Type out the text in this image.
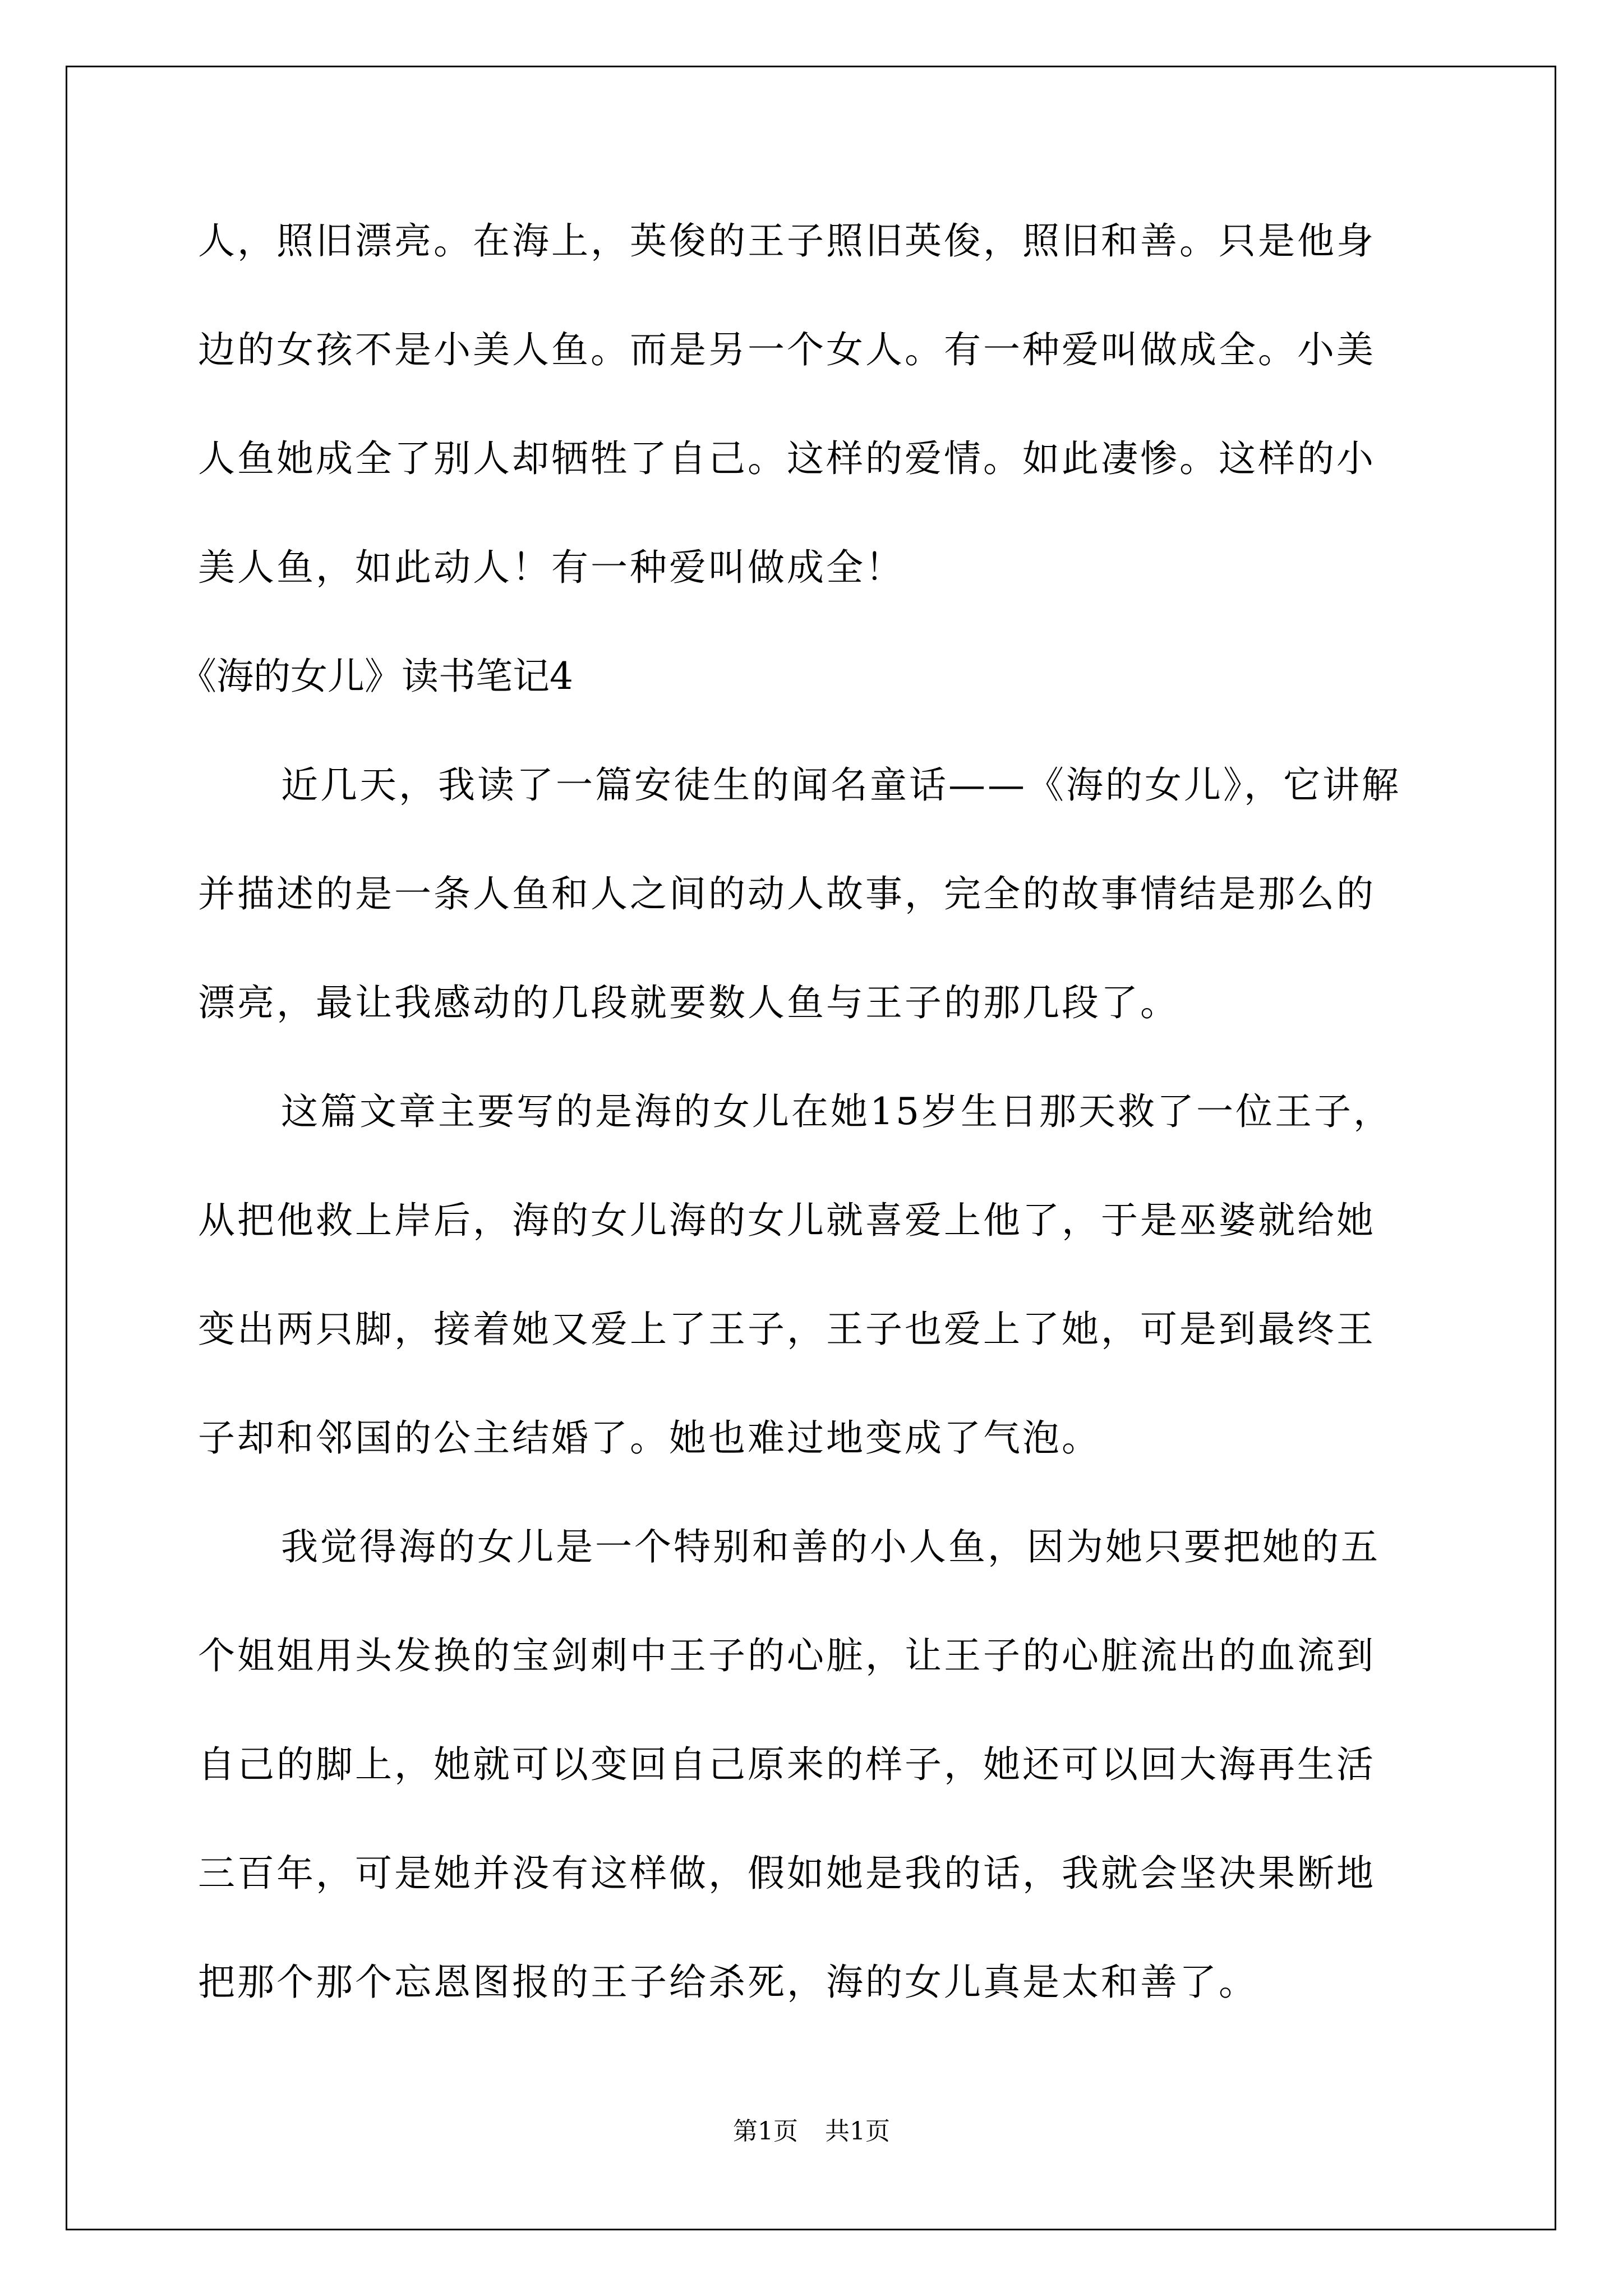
人，照旧漂亮。在海上，英俊的王子照旧英俊，照旧和善。只是他身
边的女孩不是小美人鱼。而是另一个女人。有一种爱叫做成全。小美
人鱼她成全了别人却牺牲了自己。这样的爱情。如此凄惨。这样的小
美人鱼，如此动人！有一种爱叫做成全！
《海的女儿》读书笔记4
近几天，我读了一篇安徒生的闻名童话——《海的女儿》，它讲解
并描述的是一条人鱼和人之间的动人故事，完全的故事情结是那么的
漂亮，最让我感动的几段就要数人鱼与王子的那几段了。
这篇文章主要写的是海的女儿在她15岁生日那天救了一位王子，
从把他救上岸后，海的女儿海的女儿就喜爱上他了，于是巫婆就给她
变出两只脚，接着她又爱上了王子，王子也爱上了她，可是到最终王
子却和邻国的公主结婚了。她也难过地变成了气泡。
我觉得海的女儿是一个特别和善的小人鱼，因为她只要把她的五
个姐姐用头发换的宝剑刺中王子的心脏，让王子的心脏流出的血流到
自己的脚上，她就可以变回自己原来的样子，她还可以回大海再生活
三百年，可是她并没有这样做，假如她是我的话，我就会坚决果断地
把那个那个忘恩图报的王子给杀死，海的女儿真是太和善了。
第1页 共1页
